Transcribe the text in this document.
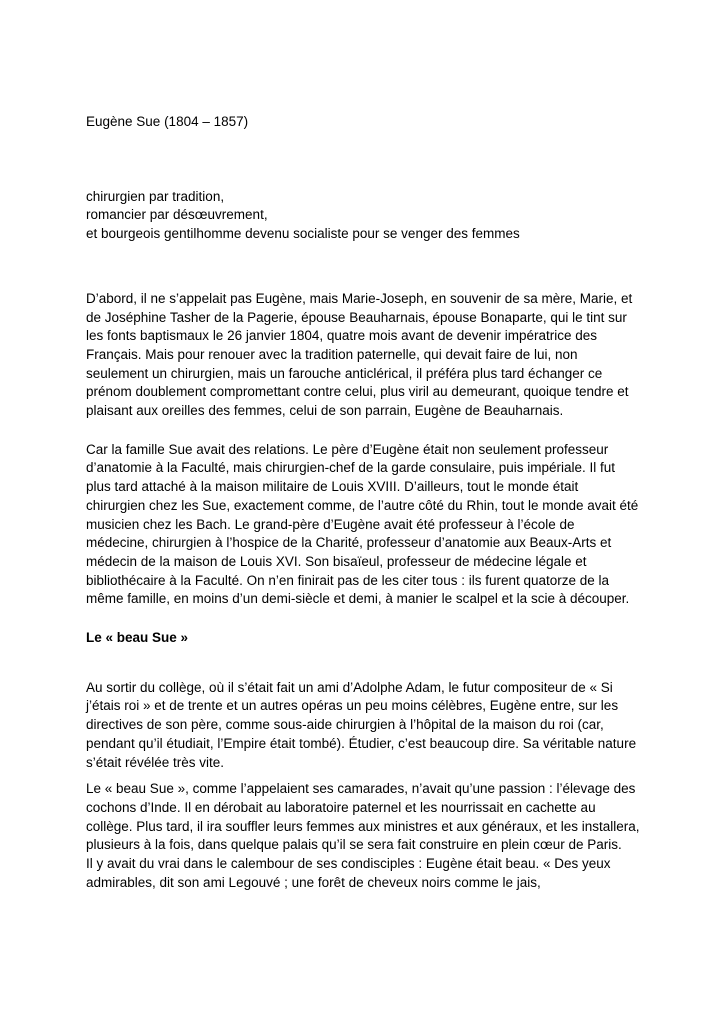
Eugène Sue (1804 – 1857)

chirurgien par tradition,

romancier par désœuvrement,

et bourgeois gentilhomme devenu socialiste pour se venger des femmes

D’abord, il ne s’appelait pas Eugène, mais Marie-Joseph, en souvenir de sa mère, Marie, et de Joséphine Tasher de la Pagerie, épouse Beauharnais, épouse Bonaparte, qui le tint sur les fonts baptismaux le 26 janvier 1804, quatre mois avant de devenir impératrice des Français. Mais pour renouer avec la tradition paternelle, qui devait faire de lui, non seulement un chirurgien, mais un farouche anticlérical, il préféra plus tard échanger ce prénom doublement compromettant contre celui, plus viril au demeurant, quoique tendre et plaisant aux oreilles des femmes, celui de son parrain, Eugène de Beauharnais.

Car la famille Sue avait des relations. Le père d’Eugène était non seulement professeur d’anatomie à la Faculté, mais chirurgien-chef de la garde consulaire, puis impériale. Il fut plus tard attaché à la maison militaire de Louis XVIII. D’ailleurs, tout le monde était chirurgien chez les Sue, exactement comme, de l’autre côté du Rhin, tout le monde avait été musicien chez les Bach. Le grand-père d’Eugène avait été professeur à l’école de médecine, chirurgien à l’hospice de la Charité, professeur d’anatomie aux Beaux-Arts et médecin de la maison de Louis XVI. Son bisaïeul, professeur de médecine légale et bibliothécaire à la Faculté. On n’en finirait pas de les citer tous : ils furent quatorze de la même famille, en moins d’un demi-siècle et demi, à manier le scalpel et la scie à découper.

Le « beau Sue »

Au sortir du collège, où il s’était fait un ami d’Adolphe Adam, le futur compositeur de « Si j’étais roi » et de trente et un autres opéras un peu moins célèbres, Eugène entre, sur les directives de son père, comme sous-aide chirurgien à l’hôpital de la maison du roi (car, pendant qu’il étudiait, l’Empire était tombé). Étudier, c’est beaucoup dire. Sa véritable nature s’était révélée très vite.

Le « beau Sue », comme l’appelaient ses camarades, n’avait qu’une passion : l’élevage des cochons d’Inde. Il en dérobait au laboratoire paternel et les nourrissait en cachette au collège. Plus tard, il ira souffler leurs femmes aux ministres et aux généraux, et les installera, plusieurs à la fois, dans quelque palais qu’il se sera fait construire en plein cœur de Paris.

Il y avait du vrai dans le calembour de ses condisciples : Eugène était beau. « Des yeux admirables, dit son ami Legouvé ; une forêt de cheveux noirs comme le jais,
